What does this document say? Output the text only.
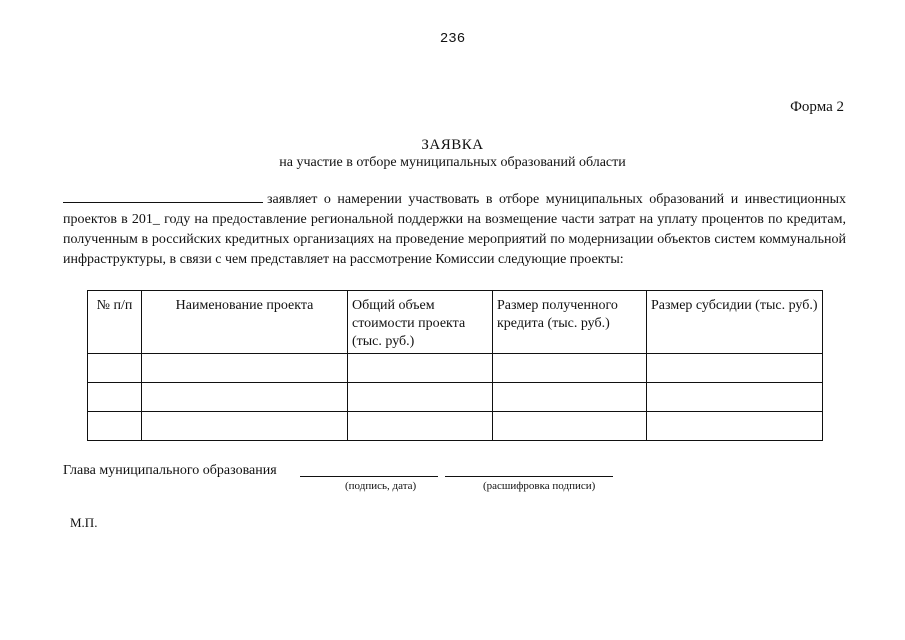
236
Форма 2
ЗАЯВКА
на участие в отборе муниципальных образований области
заявляет о намерении участвовать в отборе муниципальных образований и инвестиционных проектов в 201_ году на предоставление региональной поддержки на возмещение части затрат на уплату процентов по кредитам, полученным в российских кредитных организациях на проведение мероприятий по модернизации объектов систем коммунальной инфраструктуры, в связи с чем представляет на рассмотрение Комиссии следующие проекты:
№ п/п	Наименование проекта	Общий объем стоимости проекта (тыс. руб.)	Размер полученного кредита (тыс. руб.)	Размер субсидии (тыс. руб.)

Глава муниципального образования
(подпись, дата)	(расшифровка подписи)
М.П.
